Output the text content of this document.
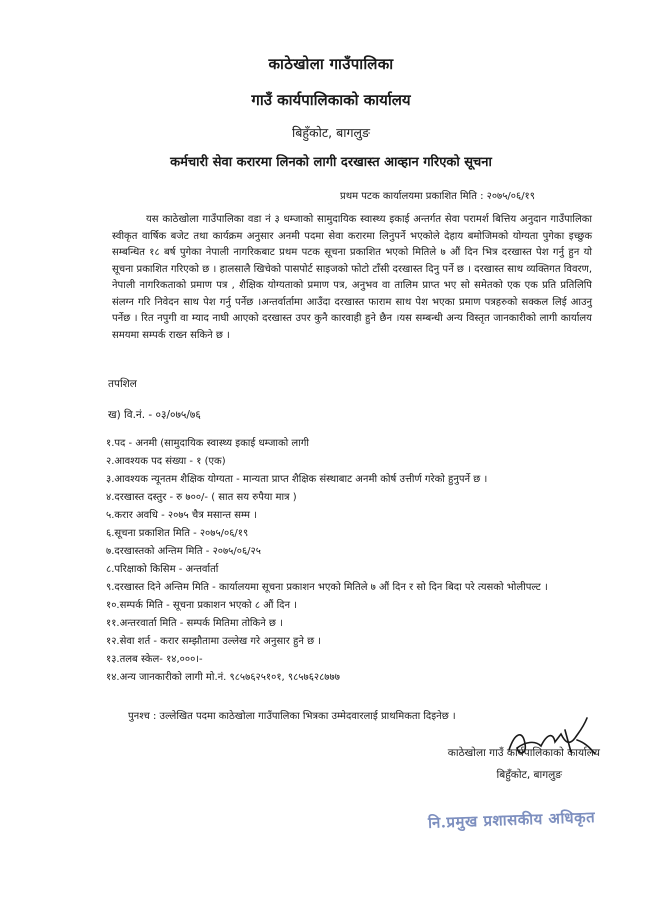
काठेखोला गाउँपालिका
गाउँ कार्यपालिकाको कार्यालय
बिहुँकोट, बागलुङ
कर्मचारी सेवा करारमा लिनको लागी दरखास्त आव्हान गरिएको सूचना
प्रथम पटक कार्यालयमा प्रकाशित मिति : २०७५/०६/१९
यस काठेखोला गाउँपालिका वडा नं ३ धम्जाको सामुदायिक स्वास्थ्य इकाई अन्तर्गत सेवा परामर्श बित्तिय अनुदान गाउँपालिका स्वीकृत वार्षिक बजेट तथा कार्यक्रम अनुसार अनमी पदमा सेवा करारमा लिनुपर्ने भएकोले देहाय बमोजिमको योग्यता पुगेका इच्छुक सम्बन्धित १८ बर्ष पुगेका नेपाली नागरिकबाट प्रथम पटक सूचना प्रकाशित भएको मितिले ७ औं दिन भित्र दरखास्त पेश गर्नु हुन यो सूचना प्रकाशित गरिएको छ । हालसालै खिचेको पासपोर्ट साइजको फोटो टाँसी दरखास्त दिनु पर्ने छ । दरखास्त साथ व्यक्तिगत विवरण, नेपाली नागरिकताको प्रमाण पत्र , शैक्षिक योग्यताको प्रमाण पत्र, अनुभव वा तालिम प्राप्त भए सो समेतको एक एक प्रति प्रतिलिपि संलग्न गरि निवेदन साथ पेश गर्नु पर्नेछ ।अन्तर्वार्तामा आउँदा दरखास्त फाराम साथ पेश भएका प्रमाण पत्रहरुको सक्कल लिई आउनु पर्नेछ । रित नपुगी वा म्याद नाघी आएको दरखास्त उपर कुनै कारवाही हुने छैन ।यस सम्बन्धी अन्य विस्तृत जानकारीको लागी कार्यालय समयमा सम्पर्क राख्न सकिने छ ।
तपशिल
ख) वि.नं. - ०३/०७५/७६
१.पद - अनमी (सामुदायिक स्वास्थ्य इकाई धम्जाको लागी
२.आवश्यक पद संख्या - १ (एक)
३.आवश्यक न्यूनतम शैक्षिक योग्यता - मान्यता प्राप्त शैक्षिक संस्थाबाट अनमी कोर्ष उत्तीर्ण गरेको हुनुपर्ने छ ।
४.दरखास्त दस्तुर - रु ७००/- ( सात सय रुपैया मात्र )
५.करार अवधि - २०७५ चैत्र मसान्त सम्म ।
६.सूचना प्रकाशित मिति - २०७५/०६/१९
७.दरखास्तको अन्तिम मिति - २०७५/०६/२५
८.परिक्षाको किसिम - अन्तर्वार्ता
९.दरखास्त दिने अन्तिम मिति - कार्यालयमा सूचना प्रकाशन भएको मितिले ७ औं दिन र सो दिन बिदा परे त्यसको भोलीपल्ट ।
१०.सम्पर्क मिति - सूचना प्रकाशन भएको ८ औं दिन ।
११.अन्तरवार्ता मिति - सम्पर्क मितिमा तोकिने छ ।
१२.सेवा शर्त - करार सम्झौतामा उल्लेख गरे अनुसार हुने छ ।
१३.तलब स्केल- १४,०००।-
१४.अन्य जानकारीको लागी मो.नं. ९८५७६२५१०१, ९८५७६२८७७७
पुनश्च : उल्लेखित पदमा काठेखोला गाउँपालिका भित्रका उम्मेदवारलाई प्राथमिकता दिइनेछ ।
काठेखोला गाउँ कार्यपालिकाको कार्यालय
बिहुँकोट, बागलुङ
नि.प्रमुख प्रशासकीय अधिकृत
